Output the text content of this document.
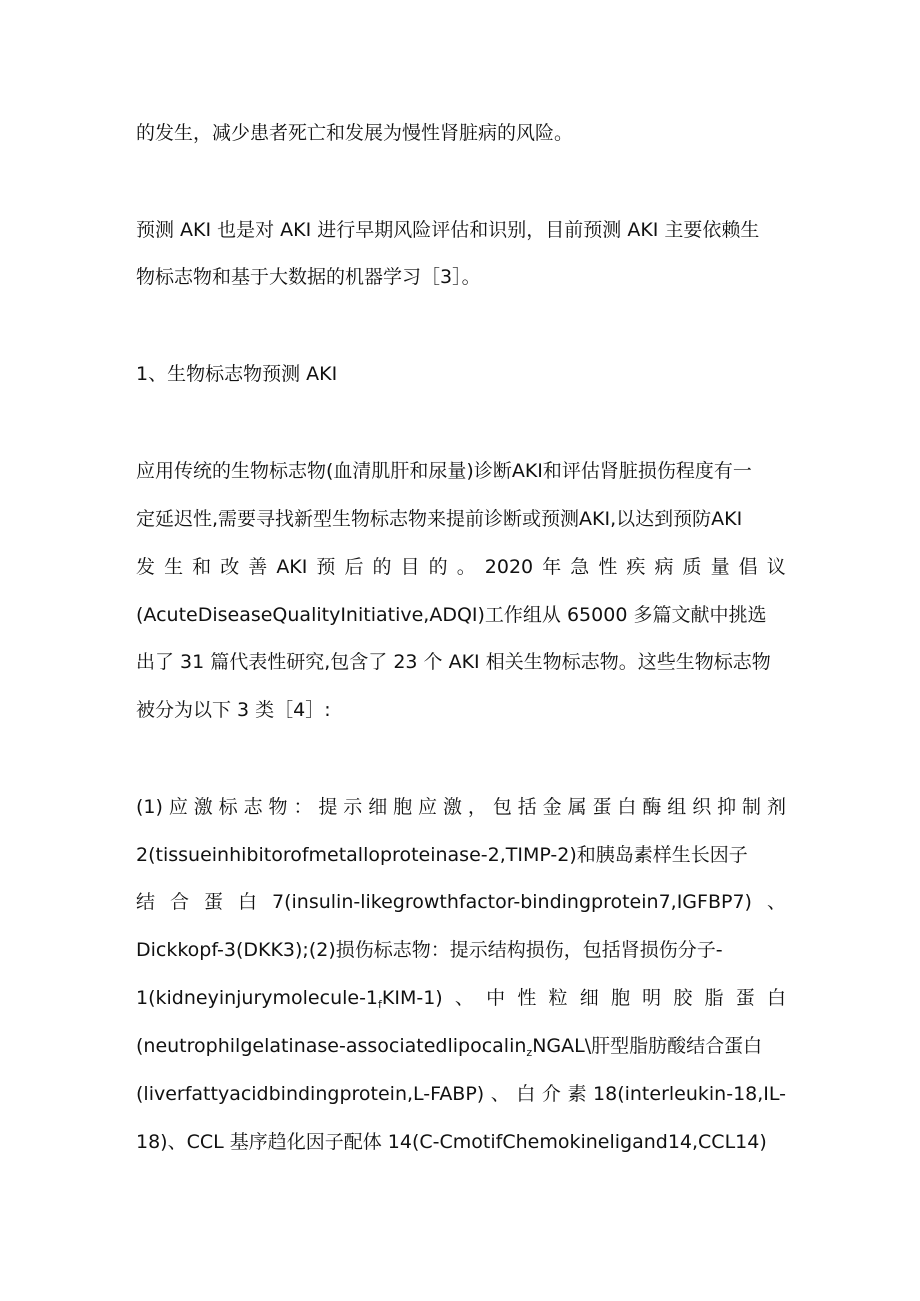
的发生，减少患者死亡和发展为慢性肾脏病的风险。
预测 AKI 也是对 AKI 进行早期风险评估和识别，目前预测 AKI 主要依赖生
物标志物和基于大数据的机器学习［3］。
1、生物标志物预测 AKI
应用传统的生物标志物(血清肌肝和尿量)诊断AKI和评估肾脏损伤程度有一
定延迟性,需要寻找新型生物标志物来提前诊断或预测AKI,以达到预防AKI
发 生 和 改 善 AKI 预 后 的 目 的 。 2020 年 急 性 疾 病 质 量 倡 议
(AcuteDiseaseQualityInitiative,ADQI)工作组从 65000 多篇文献中挑选
出了 31 篇代表性研究,包含了 23 个 AKI 相关生物标志物。这些生物标志物
被分为以下 3 类［4］:
(1) 应 激 标 志 物 ： 提 示 细 胞 应 激 ， 包 括 金 属 蛋 白 酶 组 织 抑 制 剂
2(tissueinhibitorofmetalloproteinase-2,TIMP-2)和胰岛素样生长因子
结 合 蛋 白 7(insulin-likegrowthfactor-bindingprotein7,IGFBP7) 、
Dickkopf-3(DKK3);(2)损伤标志物：提示结构损伤，包括肾损伤分子-
1(kidneyinjurymolecule-1fKIM-1) 、 中 性 粒 细 胞 明 胶 脂 蛋 白
(neutrophilgelatinase-associatedlipocalin$_z$NGAL\肝型脂肪酸结合蛋白
(liverfattyacidbindingprotein,L-FABP) 、 白 介 素 18(interleukin-18,IL-
18)、CCL 基序趋化因子配体 14(C-CmotifChemokineligand14,CCL14)
